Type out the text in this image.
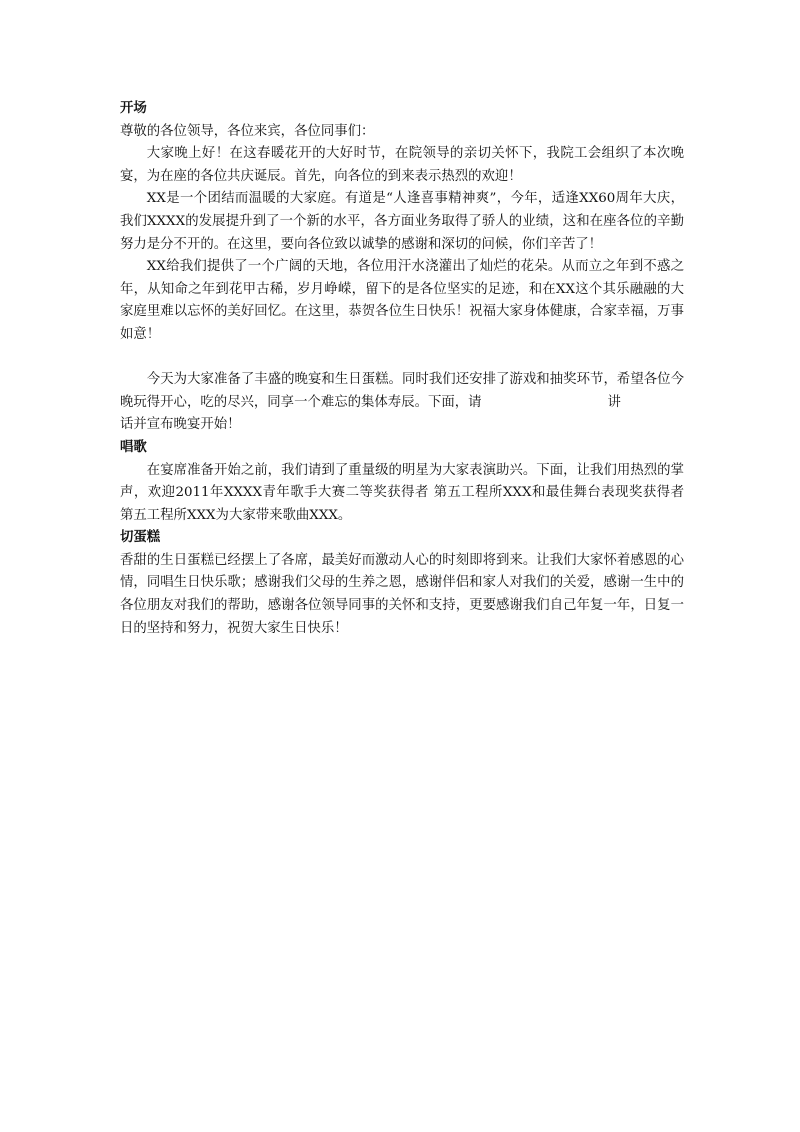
开场

尊敬的各位领导，各位来宾，各位同事们：

大家晚上好！在这春暖花开的大好时节，在院领导的亲切关怀下，我院工会组织了本次晚宴，为在座的各位共庆诞辰。首先，向各位的到来表示热烈的欢迎！

XX是一个团结而温暖的大家庭。有道是“人逢喜事精神爽”，今年，适逢XX60周年大庆，我们XXXX的发展提升到了一个新的水平，各方面业务取得了骄人的业绩，这和在座各位的辛勤努力是分不开的。在这里，要向各位致以诚挚的感谢和深切的问候，你们辛苦了！

XX给我们提供了一个广阔的天地，各位用汗水浇灌出了灿烂的花朵。从而立之年到不惑之年，从知命之年到花甲古稀，岁月峥嵘，留下的是各位坚实的足迹，和在XX这个其乐融融的大家庭里难以忘怀的美好回忆。在这里，恭贺各位生日快乐！祝福大家身体健康，合家幸福，万事如意！

今天为大家准备了丰盛的晚宴和生日蛋糕。同时我们还安排了游戏和抽奖环节，希望各位今晚玩得开心，吃的尽兴，同享一个难忘的集体寿辰。下面，请	讲

话并宣布晚宴开始！

唱歌

在宴席准备开始之前，我们请到了重量级的明星为大家表演助兴。下面，让我们用热烈的掌声，欢迎2011年XXXX青年歌手大赛二等奖获得者 第五工程所XXX和最佳舞台表现奖获得者 第五工程所XXX为大家带来歌曲XXX。

切蛋糕

香甜的生日蛋糕已经摆上了各席，最美好而激动人心的时刻即将到来。让我们大家怀着感恩的心情，同唱生日快乐歌；感谢我们父母的生养之恩，感谢伴侣和家人对我们的关爱，感谢一生中的各位朋友对我们的帮助，感谢各位领导同事的关怀和支持，更要感谢我们自己年复一年，日复一日的坚持和努力，祝贺大家生日快乐！
